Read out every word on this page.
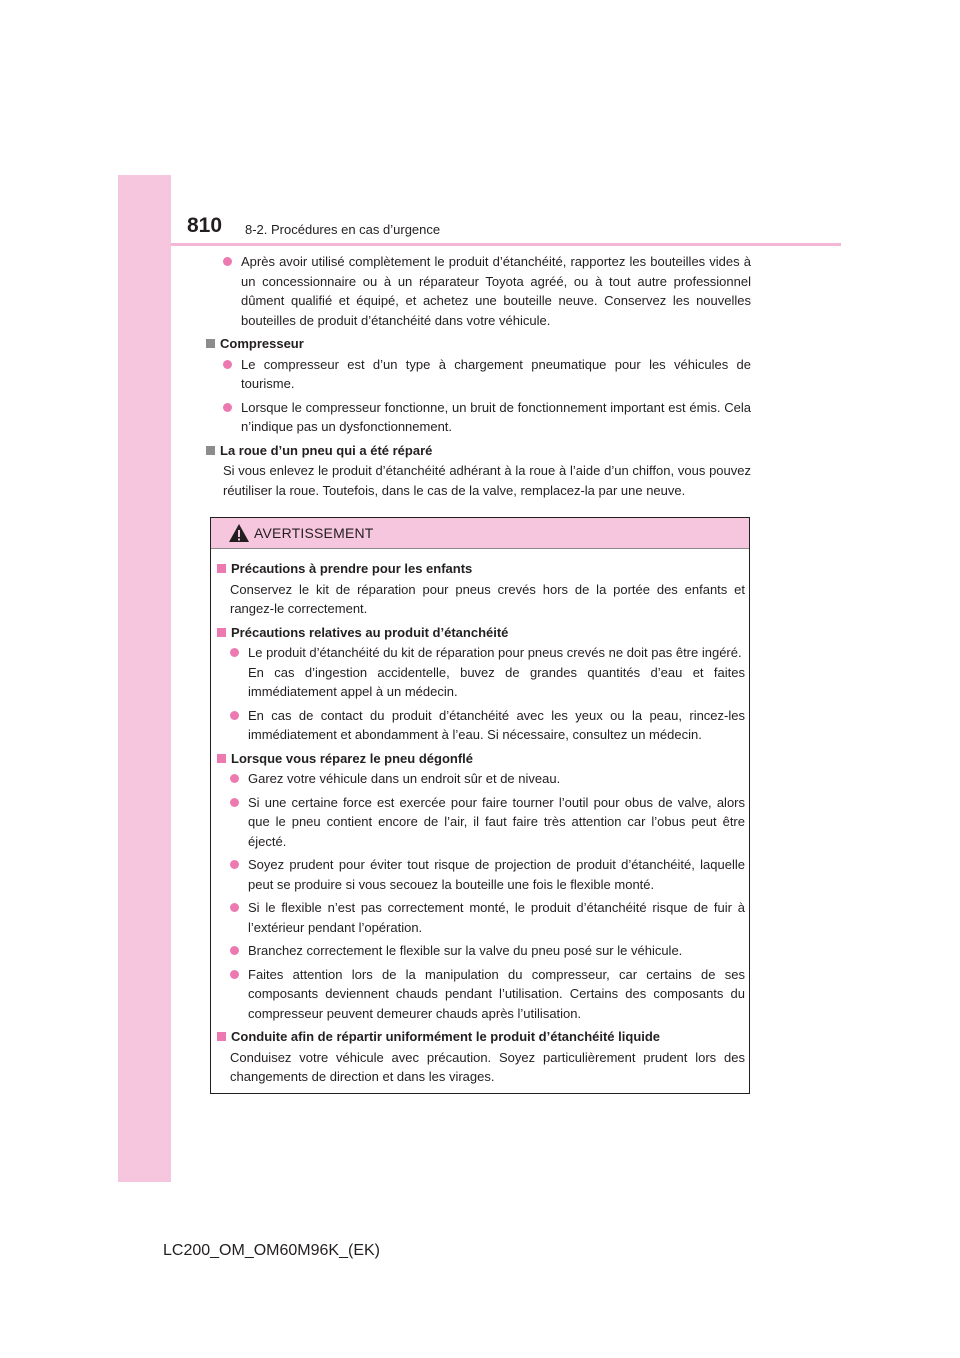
810 8-2. Procédures en cas d’urgence
Après avoir utilisé complètement le produit d’étanchéité, rapportez les bouteilles vides à un concessionnaire ou à un réparateur Toyota agréé, ou à tout autre professionnel dûment qualifié et équipé, et achetez une bouteille neuve. Conservez les nouvelles bouteilles de produit d’étanchéité dans votre véhicule.
Compresseur
Le compresseur est d’un type à chargement pneumatique pour les véhicules de tourisme.
Lorsque le compresseur fonctionne, un bruit de fonctionnement important est émis. Cela n’indique pas un dysfonctionnement.
La roue d’un pneu qui a été réparé

Si vous enlevez le produit d’étanchéité adhérant à la roue à l’aide d’un chiffon, vous pouvez réutiliser la roue. Toutefois, dans le cas de la valve, remplacez-la par une neuve.

AVERTISSEMENT
Précautions à prendre pour les enfants

Conservez le kit de réparation pour pneus crevés hors de la portée des enfants et rangez-le correctement.

Précautions relatives au produit d’étanchéité
Le produit d’étanchéité du kit de réparation pour pneus crevés ne doit pas être ingéré.
En cas d’ingestion accidentelle, buvez de grandes quantités d’eau et faites immédiatement appel à un médecin.
En cas de contact du produit d’étanchéité avec les yeux ou la peau, rincez-les immédiatement et abondamment à l’eau. Si nécessaire, consultez un médecin.
Lorsque vous réparez le pneu dégonflé
Garez votre véhicule dans un endroit sûr et de niveau.
Si une certaine force est exercée pour faire tourner l’outil pour obus de valve, alors que le pneu contient encore de l’air, il faut faire très attention car l’obus peut être éjecté.
Soyez prudent pour éviter tout risque de projection de produit d’étanchéité, laquelle peut se produire si vous secouez la bouteille une fois le flexible monté.
Si le flexible n’est pas correctement monté, le produit d’étanchéité risque de fuir à l’extérieur pendant l’opération.
Branchez correctement le flexible sur la valve du pneu posé sur le véhicule.
Faites attention lors de la manipulation du compresseur, car certains de ses composants deviennent chauds pendant l’utilisation. Certains des composants du compresseur peuvent demeurer chauds après l’utilisation.
Conduite afin de répartir uniformément le produit d’étanchéité liquide

Conduisez votre véhicule avec précaution. Soyez particulièrement prudent lors des changements de direction et dans les virages.

LC200_OM_OM60M96K_(EK)
